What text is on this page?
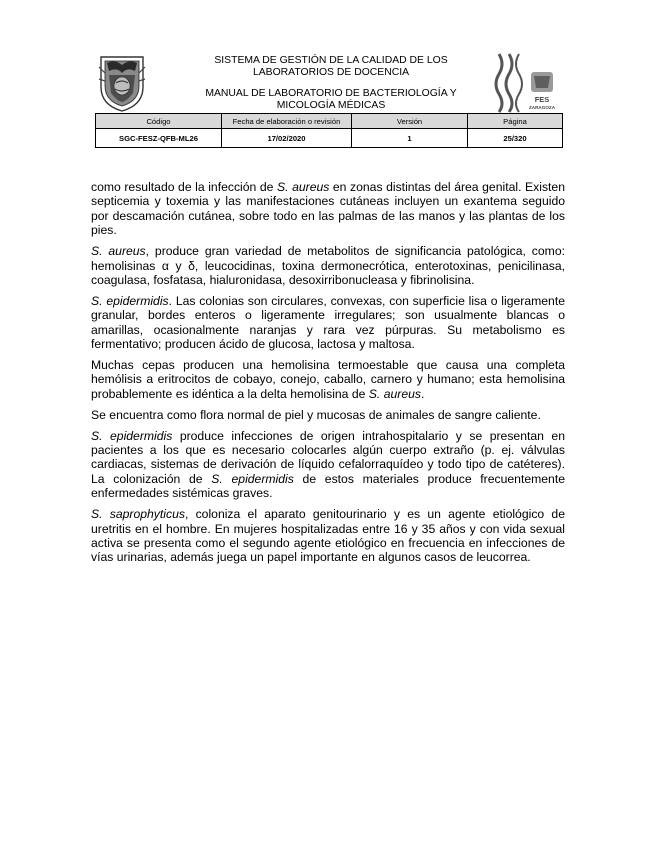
SISTEMA DE GESTIÓN DE LA CALIDAD DE LOS
LABORATORIOS DE DOCENCIA
MANUAL DE LABORATORIO DE BACTERIOLOGÍA Y
MICOLOGÍA MÉDICAS
FES
ZARAGOZA
Código	Fecha de elaboración o revisión	Versión	Página
SGC-FESZ-QFB-ML26	17/02/2020	1	25/320

como resultado de la infección de S. aureus en zonas distintas del área genital. Existen septicemia y toxemia y las manifestaciones cutáneas incluyen un exantema seguido por descamación cutánea, sobre todo en las palmas de las manos y las plantas de los pies.

S. aureus, produce gran variedad de metabolitos de significancia patológica, como: hemolisinas α y δ, leucocidinas, toxina dermonecrótica, enterotoxinas, penicilinasa, coagulasa, fosfatasa, hialuronidasa, desoxirribonucleasa y fibrinolisina.

S. epidermidis. Las colonias son circulares, convexas, con superficie lisa o ligeramente granular, bordes enteros o ligeramente irregulares; son usualmente blancas o amarillas, ocasionalmente naranjas y rara vez púrpuras. Su metabolismo es fermentativo; producen ácido de glucosa, lactosa y maltosa.

Muchas cepas producen una hemolisina termoestable que causa una completa hemólisis a eritrocitos de cobayo, conejo, caballo, carnero y humano; esta hemolisina probablemente es idéntica a la delta hemolisina de S. aureus.

Se encuentra como flora normal de piel y mucosas de animales de sangre caliente.

S. epidermidis produce infecciones de origen intrahospitalario y se presentan en pacientes a los que es necesario colocarles algún cuerpo extraño (p. ej. válvulas cardiacas, sistemas de derivación de líquido cefalorraquídeo y todo tipo de catéteres). La colonización de S. epidermidis de estos materiales produce frecuentemente enfermedades sistémicas graves.

S. saprophyticus, coloniza el aparato genitourinario y es un agente etiológico de uretritis en el hombre. En mujeres hospitalizadas entre 16 y 35 años y con vida sexual activa se presenta como el segundo agente etiológico en frecuencia en infecciones de vías urinarias, además juega un papel importante en algunos casos de leucorrea.
